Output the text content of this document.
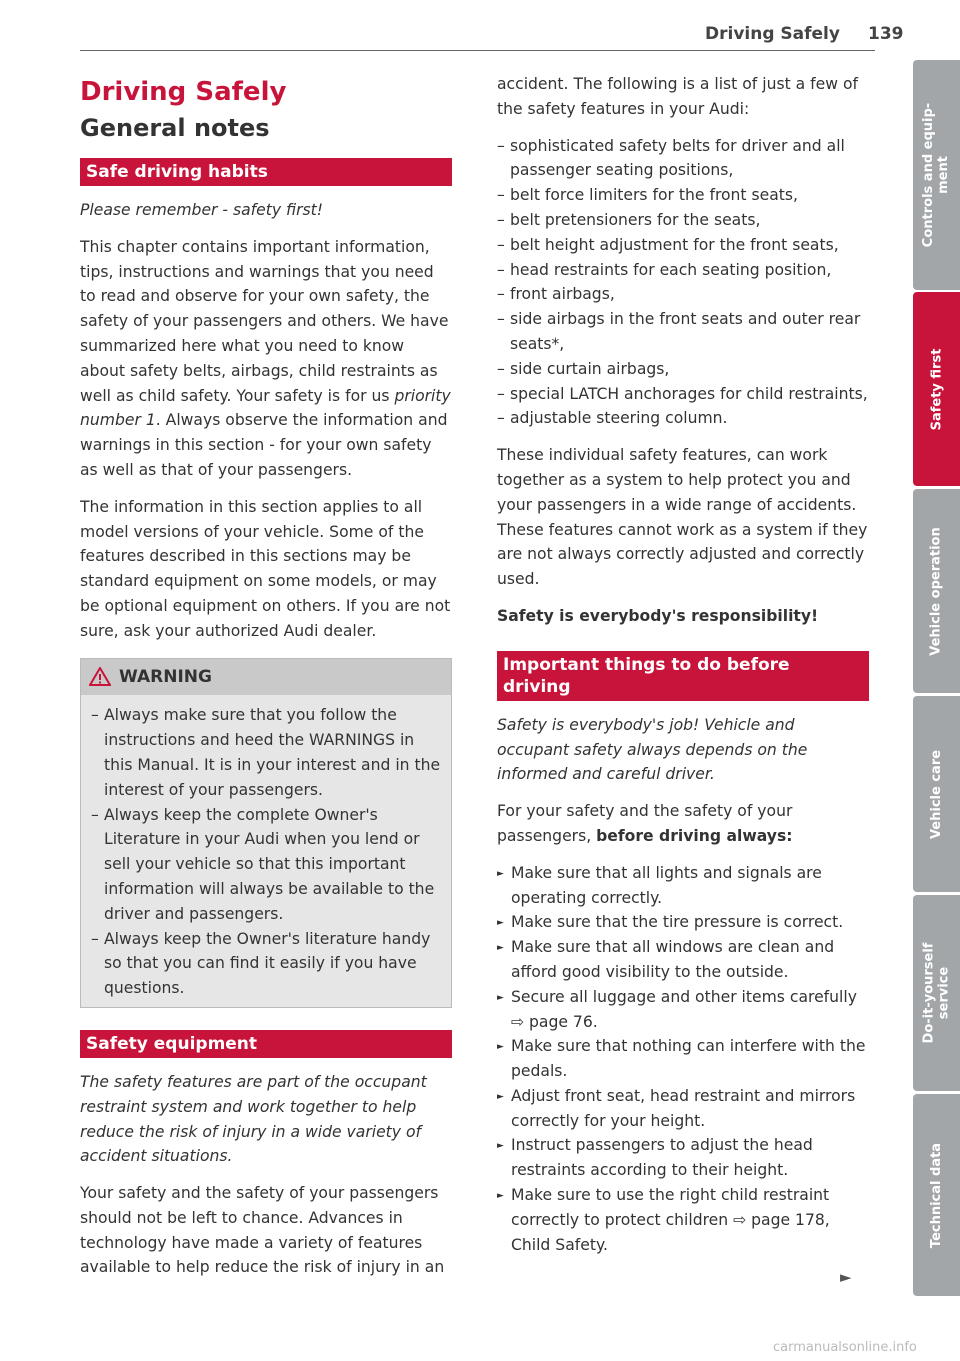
Driving Safely 139
Driving Safely
General notes
Safe driving habits

Please remember - safety first!

This chapter contains important information, tips, instructions and warnings that you need to read and observe for your own safety, the safety of your passengers and others. We have summarized here what you need to know about safety belts, airbags, child restraints as well as child safety. Your safety is for us priority number 1. Always observe the information and warnings in this section - for your own safety as well as that of your passengers.

The information in this section applies to all model versions of your vehicle. Some of the features described in this sections may be standard equipment on some models, or may be optional equipment on others. If you are not sure, ask your authorized Audi dealer.

WARNING
– Always make sure that you follow the instructions and heed the WARNINGS in this Manual. It is in your interest and in the interest of your passengers.
– Always keep the complete Owner's Literature in your Audi when you lend or sell your vehicle so that this important information will always be available to the driver and passengers.
– Always keep the Owner's literature handy so that you can find it easily if you have questions.
Safety equipment

The safety features are part of the occupant restraint system and work together to help reduce the risk of injury in a wide variety of accident situations.

Your safety and the safety of your passengers should not be left to chance. Advances in technology have made a variety of features available to help reduce the risk of injury in an

accident. The following is a list of just a few of the safety features in your Audi:

– sophisticated safety belts for driver and all passenger seating positions,
– belt force limiters for the front seats,
– belt pretensioners for the seats,
– belt height adjustment for the front seats,
– head restraints for each seating position,
– front airbags,
– side airbags in the front seats and outer rear seats*,
– side curtain airbags,
– special LATCH anchorages for child restraints,
– adjustable steering column.

These individual safety features, can work together as a system to help protect you and your passengers in a wide range of accidents. These features cannot work as a system if they are not always correctly adjusted and correctly used.

Safety is everybody's responsibility!

Important things to do before driving

Safety is everybody's job! Vehicle and occupant safety always depends on the informed and careful driver.

For your safety and the safety of your passengers, before driving always:

► Make sure that all lights and signals are operating correctly.
► Make sure that the tire pressure is correct.
► Make sure that all windows are clean and afford good visibility to the outside.
► Secure all luggage and other items carefully ⇨ page 76.
► Make sure that nothing can interfere with the pedals.
► Adjust front seat, head restraint and mirrors correctly for your height.
► Instruct passengers to adjust the head restraints according to their height.
► Make sure to use the right child restraint correctly to protect children ⇨ page 178, Child Safety.
►
Controls and equip-
ment
Safety first
Vehicle operation
Vehicle care
Do-it-yourself
service
Technical data
carmanualsonline.info
